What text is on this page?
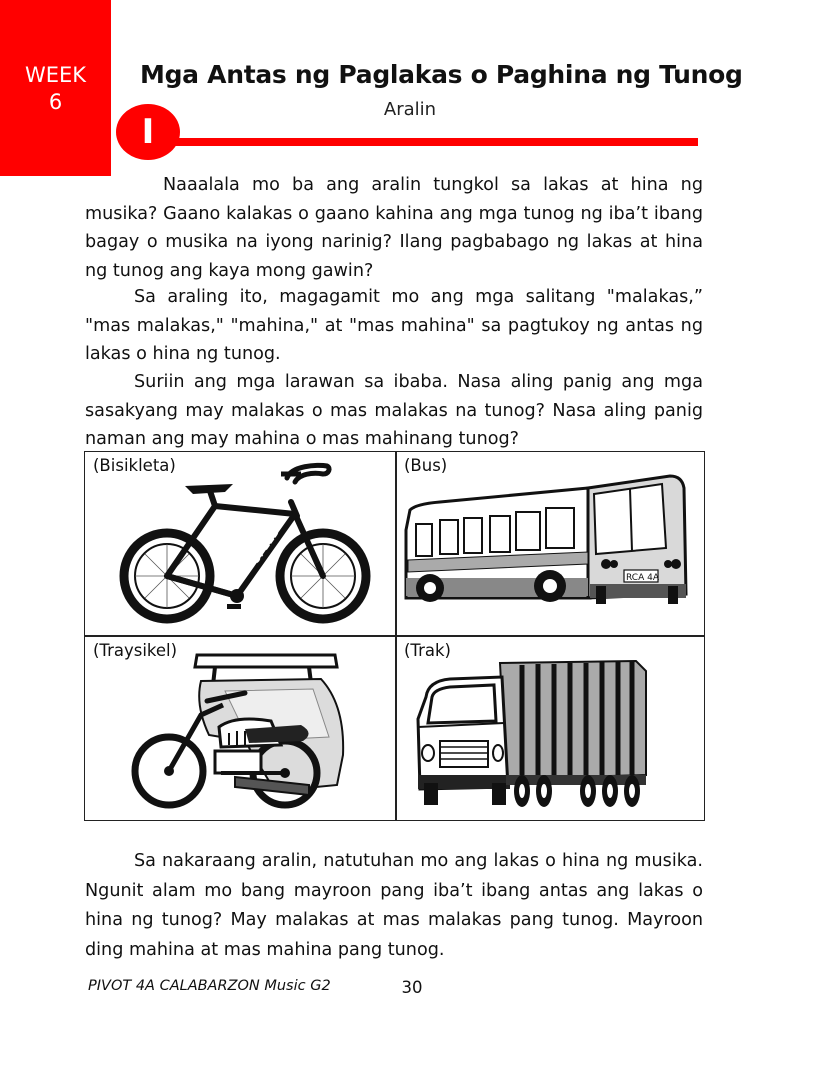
WEEK
6
Mga Antas ng Paglakas o Paghina ng Tunog
Aralin
I

Naaalala mo ba ang aralin tungkol sa lakas at hina ng musika? Gaano kalakas o gaano kahina ang mga tunog ng iba’t ibang bagay o musika na iyong narinig? Ilang pagbabago ng lakas at hina ng tunog ang kaya mong gawin?

Sa araling ito, magagamit mo ang mga salitang "malakas,” "mas malakas," "mahina," at "mas mahina" sa pagtukoy ng antas ng lakas o hina ng tunog.

Suriin ang mga larawan sa ibaba. Nasa aling panig ang mga sasakyang may malakas o mas malakas na tunog? Nasa aling panig naman ang may mahina o mas mahinang tunog?

(Bisikleta)
SPEED
(Bus)
RCA 4A
(Traysikel)	(Trak)

Sa nakaraang aralin, natutuhan mo ang lakas o hina ng musika. Ngunit alam mo bang mayroon pang iba’t ibang antas ang lakas o hina ng tunog? May malakas at mas malakas pang tunog. Mayroon ding mahina at mas mahina pang tunog.

PIVOT 4A CALABARZON Music G2	30
